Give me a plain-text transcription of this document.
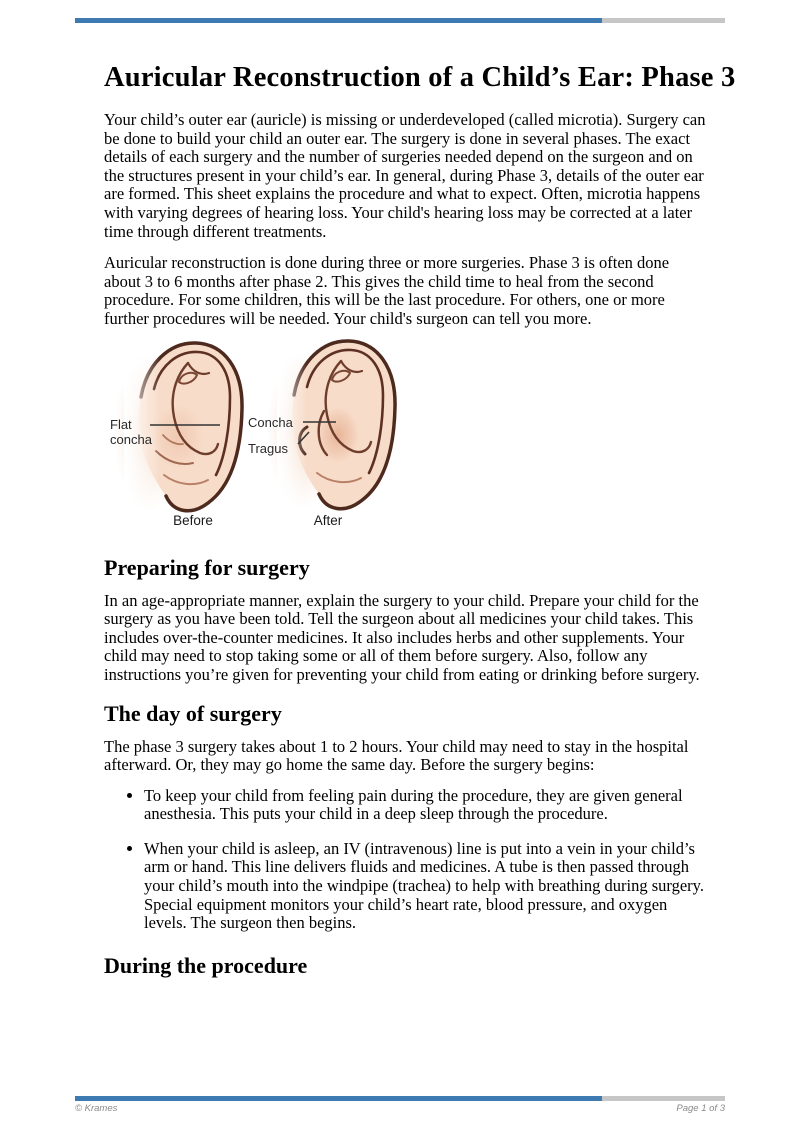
Auricular Reconstruction of a Child’s Ear: Phase 3

Your child’s outer ear (auricle) is missing or underdeveloped (called microtia). Surgery can be done to build your child an outer ear. The surgery is done in several phases. The exact details of each surgery and the number of surgeries needed depend on the surgeon and on the structures present in your child’s ear. In general, during Phase 3, details of the outer ear are formed. This sheet explains the procedure and what to expect. Often, microtia happens with varying degrees of hearing loss. Your child's hearing loss may be corrected at a later time through different treatments.

Auricular reconstruction is done during three or more surgeries. Phase 3 is often done about 3 to 6 months after phase 2. This gives the child time to heal from the second procedure. For some children, this will be the last procedure. For others, one or more further procedures will be needed. Your child's surgeon can tell you more.

Flat concha
Concha
Tragus
Before	After
Preparing for surgery

In an age-appropriate manner, explain the surgery to your child. Prepare your child for the surgery as you have been told. Tell the surgeon about all medicines your child takes. This includes over-the-counter medicines. It also includes herbs and other supplements. Your child may need to stop taking some or all of them before surgery. Also, follow any instructions you’re given for preventing your child from eating or drinking before surgery.

The day of surgery

The phase 3 surgery takes about 1 to 2 hours. Your child may need to stay in the hospital afterward. Or, they may go home the same day. Before the surgery begins:

• To keep your child from feeling pain during the procedure, they are given general anesthesia. This puts your child in a deep sleep through the procedure.
• When your child is asleep, an IV (intravenous) line is put into a vein in your child’s arm or hand. This line delivers fluids and medicines. A tube is then passed through your child’s mouth into the windpipe (trachea) to help with breathing during surgery. Special equipment monitors your child’s heart rate, blood pressure, and oxygen levels. The surgeon then begins.
During the procedure
© Krames	Page 1 of 3
